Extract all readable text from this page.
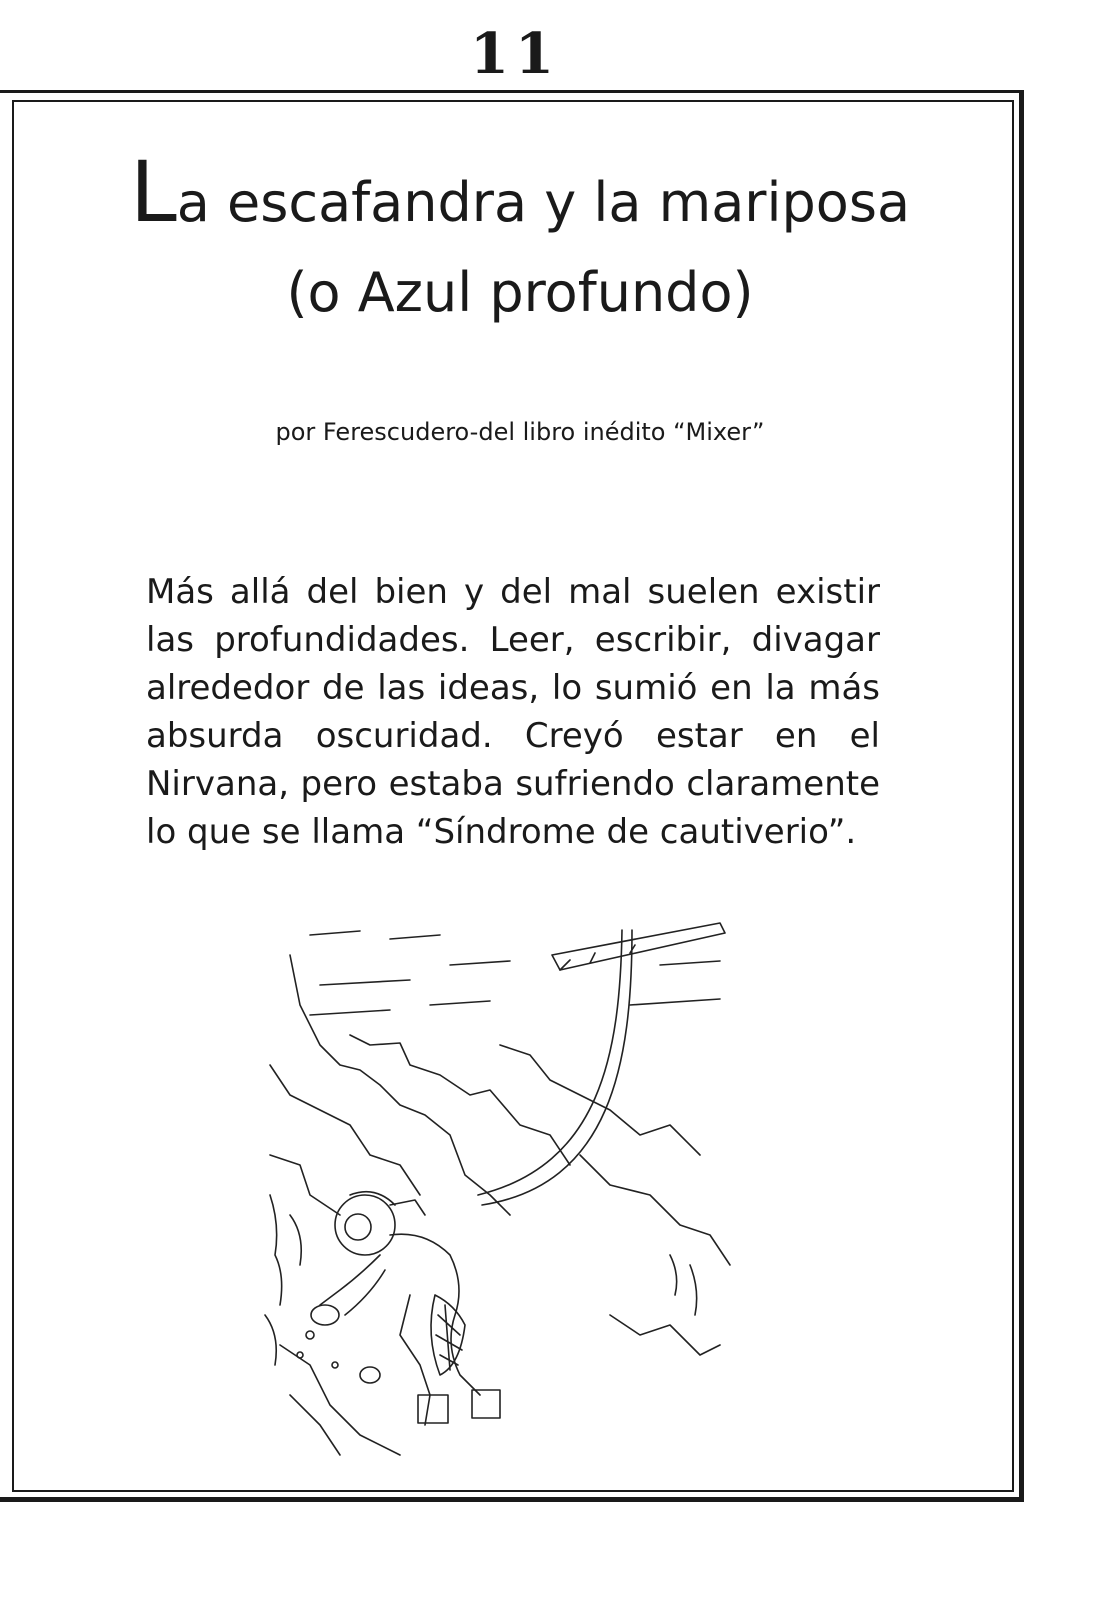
11
La escafandra y la mariposa
(o Azul profundo)

por Ferescudero-del libro inédito “Mixer”

Más allá del bien y del mal suelen existir las profundidades. Leer, escribir, divagar alrededor de las ideas, lo sumió en la más absurda oscuridad. Creyó estar en el Nirvana, pero estaba sufriendo claramente lo que se llama “Síndrome de cautiverio”.
